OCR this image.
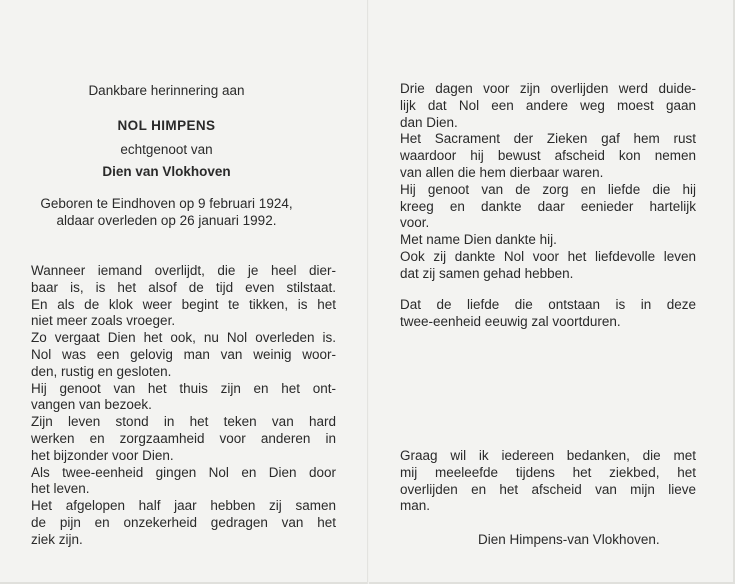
Dankbare herinnering aan
NOL HIMPENS
echtgenoot van
Dien van Vlokhoven
Geboren te Eindhoven op 9 februari 1924,
aldaar overleden op 26 januari 1992.
Wanneer iemand overlijdt, die je heel dier-
baar is, is het alsof de tijd even stilstaat.
En als de klok weer begint te tikken, is het
niet meer zoals vroeger.
Zo vergaat Dien het ook, nu Nol overleden is.
Nol was een gelovig man van weinig woor-
den, rustig en gesloten.
Hij genoot van het thuis zijn en het ont-
vangen van bezoek.
Zijn leven stond in het teken van hard
werken en zorgzaamheid voor anderen in
het bijzonder voor Dien.
Als twee-eenheid gingen Nol en Dien door
het leven.
Het afgelopen half jaar hebben zij samen
de pijn en onzekerheid gedragen van het
ziek zijn.
Drie dagen voor zijn overlijden werd duide-
lijk dat Nol een andere weg moest gaan
dan Dien.
Het Sacrament der Zieken gaf hem rust
waardoor hij bewust afscheid kon nemen
van allen die hem dierbaar waren.
Hij genoot van de zorg en liefde die hij
kreeg en dankte daar eenieder hartelijk
voor.
Met name Dien dankte hij.
Ook zij dankte Nol voor het liefdevolle leven
dat zij samen gehad hebben.
Dat de liefde die ontstaan is in deze
twee-eenheid eeuwig zal voortduren.
Graag wil ik iedereen bedanken, die met
mij meeleefde tijdens het ziekbed, het
overlijden en het afscheid van mijn lieve
man.
Dien Himpens-van Vlokhoven.
